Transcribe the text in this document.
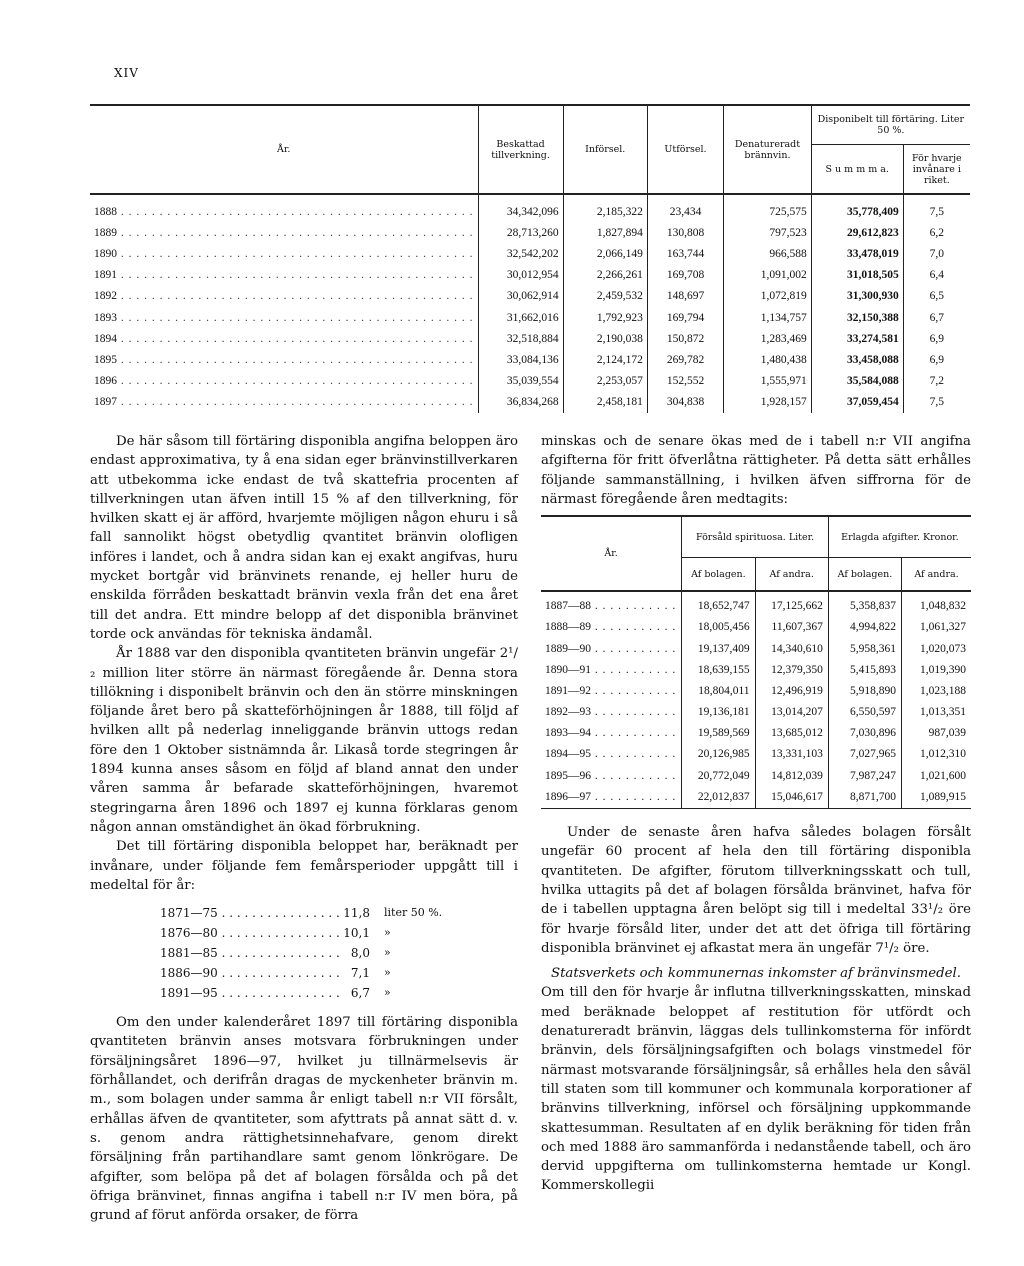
XIV
År.	Beskattad tillverkning.	Införsel.	Utförsel.	Denatureradt brännvin.	Disponibelt till förtäring. Liter 50 %.	
					S u m m m a.	För hvarje invånare i riket.
1888 . . .	34,342,096	2,185,322	23,434	725,575	35,778,409	7,5
1889 . . .	28,713,260	1,827,894	130,808	797,523	29,612,823	6,2
1890 . . .	32,542,202	2,066,149	163,744	966,588	33,478,019	7,0
1891 . . .	30,012,954	2,266,261	169,708	1,091,002	31,018,505	6,4
1892 . . .	30,062,914	2,459,532	148,697	1,072,819	31,300,930	6,5
1893 . . .	31,662,016	1,792,923	169,794	1,134,757	32,150,388	6,7
1894 . . .	32,518,884	2,190,038	150,872	1,283,469	33,274,581	6,9
1895 . . .	33,084,136	2,124,172	269,782	1,480,438	33,458,088	6,9
1896 . . .	35,039,554	2,253,057	152,552	1,555,971	35,584,088	7,2
1897 . . .	36,834,268	2,458,181	304,838	1,928,157	37,059,454	7,5

De här såsom till förtäring disponibla angifna beloppen äro endast approximativa, ty å ena sidan eger bränvinstillverkaren att utbekomma icke endast de två skattefria procenten af tillverkningen utan äfven intill 15 % af den tillverkning, för hvilken skatt ej är afförd, hvarjemte möjligen någon ehuru i så fall sannolikt högst obetydlig qvantitet bränvin olofligen införes i landet, och å andra sidan kan ej exakt angifvas, huru mycket bortgår vid bränvinets renande, ej heller huru de enskilda förråden beskattadt bränvin vexla från det ena året till det andra. Ett mindre belopp af det disponibla bränvinet torde ock användas för tekniska ändamål.

År 1888 var den disponibla qvantiteten bränvin ungefär 2¹/₂ million liter större än närmast föregående år. Denna stora tillökning i disponibelt bränvin och den än större minskningen följande året bero på skatteförhöjningen år 1888, till följd af hvilken allt på nederlag inneliggande bränvin uttogs redan före den 1 Oktober sistnämnda år. Likaså torde stegringen år 1894 kunna anses såsom en följd af bland annat den under våren samma år befarade skatteförhöjningen, hvaremot stegringarna åren 1896 och 1897 ej kunna förklaras genom någon annan omständighet än ökad förbrukning.

Det till förtäring disponibla beloppet har, beräknadt per invånare, under följande fem femårsperioder uppgått till i medeltal för år:

1871—75 . . .	11,8	liter 50 %.
1876—80 . . .	10,1	»
1881—85 . . .	8,0	»
1886—90 . . .	7,1	»
1891—95 . . .	6,7	»

Om den under kalenderåret 1897 till förtäring disponibla qvantiteten bränvin anses motsvara förbrukningen under försäljningsåret 1896—97, hvilket ju tillnärmelsevis är förhållandet, och derifrån dragas de myckenheter bränvin m. m., som bolagen under samma år enligt tabell n:r VII försålt, erhållas äfven de qvantiteter, som afyttrats på annat sätt d. v. s. genom andra rättighetsinnehafvare, genom direkt försäljning från partihandlare samt genom lönkrögare. De afgifter, som belöpa på det af bolagen försålda och på det öfriga bränvinet, finnas angifna i tabell n:r IV men böra, på grund af förut anförda orsaker, de förra

minskas och de senare ökas med de i tabell n:r VII angifna afgifterna för fritt öfverlåtna rättigheter. På detta sätt erhålles följande sammanställning, i hvilken äfven siffrorna för de närmast föregående åren medtagits:

År.	Försåld spirituosa. Liter.		Erlagda afgifter. Kronor.	
	Af bolagen.	Af andra.	Af bolagen.	Af andra.
1887—88 . . .	18,652,747	17,125,662	5,358,837	1,048,832
1888—89 . . .	18,005,456	11,607,367	4,994,822	1,061,327
1889—90 . . .	19,137,409	14,340,610	5,958,361	1,020,073
1890—91 . . .	18,639,155	12,379,350	5,415,893	1,019,390
1891—92 . . .	18,804,011	12,496,919	5,918,890	1,023,188
1892—93 . . .	19,136,181	13,014,207	6,550,597	1,013,351
1893—94 . . .	19,589,569	13,685,012	7,030,896	987,039
1894—95 . . .	20,126,985	13,331,103	7,027,965	1,012,310
1895—96 . . .	20,772,049	14,812,039	7,987,247	1,021,600
1896—97 . . .	22,012,837	15,046,617	8,871,700	1,089,915

Under de senaste åren hafva således bolagen försålt ungefär 60 procent af hela den till förtäring disponibla qvantiteten. De afgifter, förutom tillverkningsskatt och tull, hvilka uttagits på det af bolagen försålda bränvinet, hafva för de i tabellen upptagna åren belöpt sig till i medeltal 33¹/₂ öre för hvarje försåld liter, under det att det öfriga till förtäring disponibla bränvinet ej afkastat mera än ungefär 7¹/₂ öre.

Statsverkets och kommunernas inkomster af bränvinsmedel.

Om till den för hvarje år influtna tillverkningsskatten, minskad med beräknade beloppet af restitution för utfördt och denatureradt bränvin, läggas dels tullinkomsterna för infördt bränvin, dels försäljningsafgiften och bolags vinstmedel för närmast motsvarande försäljningsår, så erhålles hela den såväl till staten som till kommuner och kommunala korporationer af bränvins tillverkning, införsel och försäljning uppkommande skattesumman. Resultaten af en dylik beräkning för tiden från och med 1888 äro sammanförda i nedanstående tabell, och äro dervid uppgifterna om tullinkomsterna hemtade ur Kongl. Kommerskollegii
